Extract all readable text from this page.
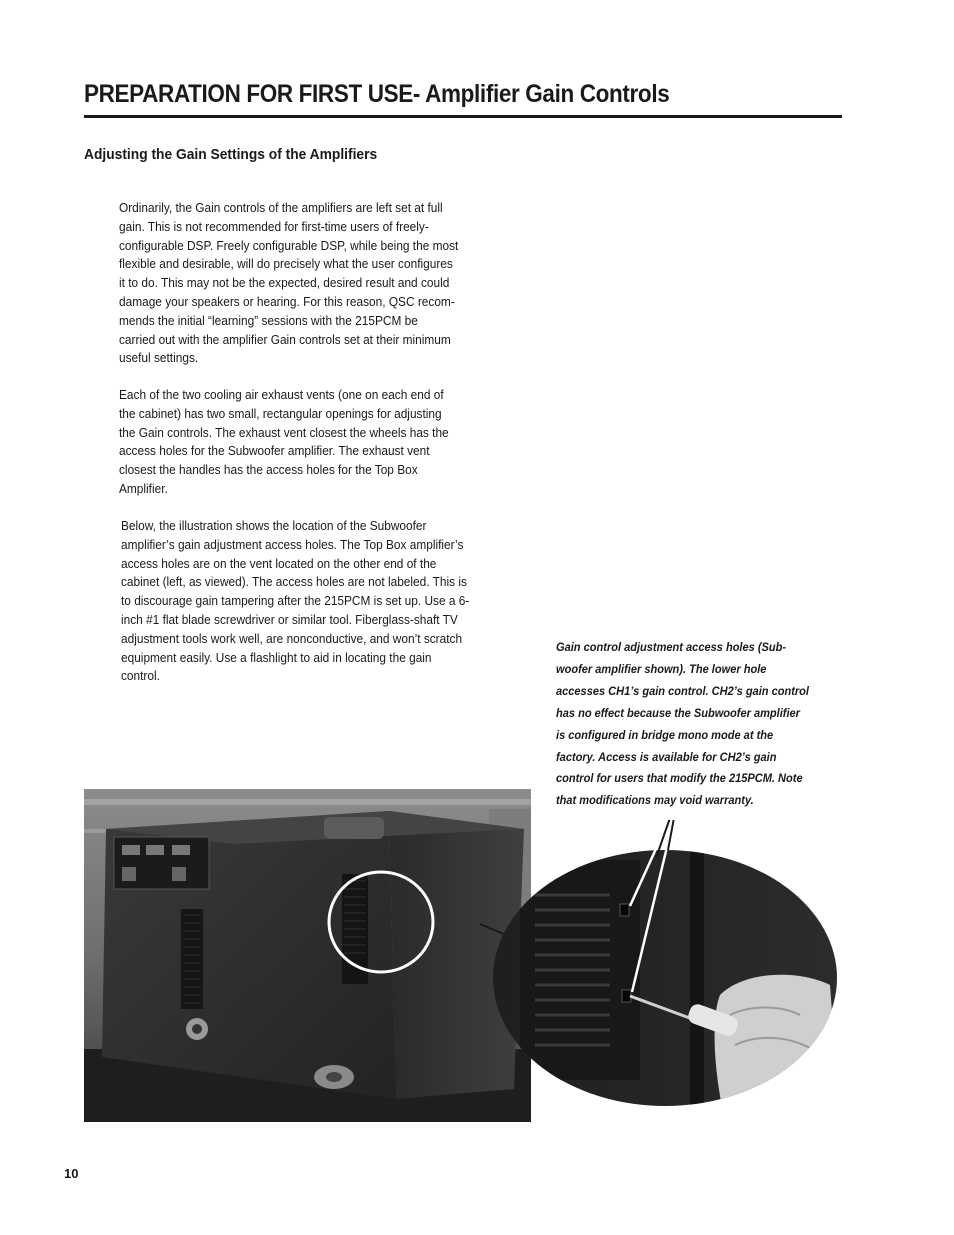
PREPARATION FOR FIRST USE- Amplifier Gain Controls
Adjusting the Gain Settings of the Amplifiers

Ordinarily, the Gain controls of the amplifiers are left set at full
gain. This is not recommended for first-time users of freely-
configurable DSP. Freely configurable DSP, while being the most
flexible and desirable, will do precisely what the user configures
it to do. This may not be the expected, desired result and could
damage your speakers or hearing. For this reason, QSC recom-
mends the initial “learning” sessions with the 215PCM be
carried out with the amplifier Gain controls set at their minimum
useful settings.

Each of the two cooling air exhaust vents (one on each end of
the cabinet) has two small, rectangular openings for adjusting
the Gain controls. The exhaust vent closest the wheels has the
access holes for the Subwoofer amplifier. The exhaust vent
closest the handles has the access holes for the Top Box
Amplifier.

Below, the illustration shows the location of the Subwoofer
amplifier’s gain adjustment access holes. The Top Box amplifier’s
access holes are on the vent located on the other end of the
cabinet (left, as viewed). The access holes are not labeled. This is
to discourage gain tampering after the 215PCM is set up. Use a 6-
inch #1 flat blade screwdriver or similar tool. Fiberglass-shaft TV
adjustment tools work well, are nonconductive, and won’t scratch
equipment easily. Use a flashlight to aid in locating the gain
control.

Gain control adjustment access holes (Sub-
woofer amplifier shown). The lower hole
accesses CH1’s gain control. CH2’s gain control
has no effect because the Subwoofer amplifier
is configured in bridge mono mode at the
factory. Access is available for CH2’s gain
control for users that modify the 215PCM. Note
that modifications may void warranty.
10
